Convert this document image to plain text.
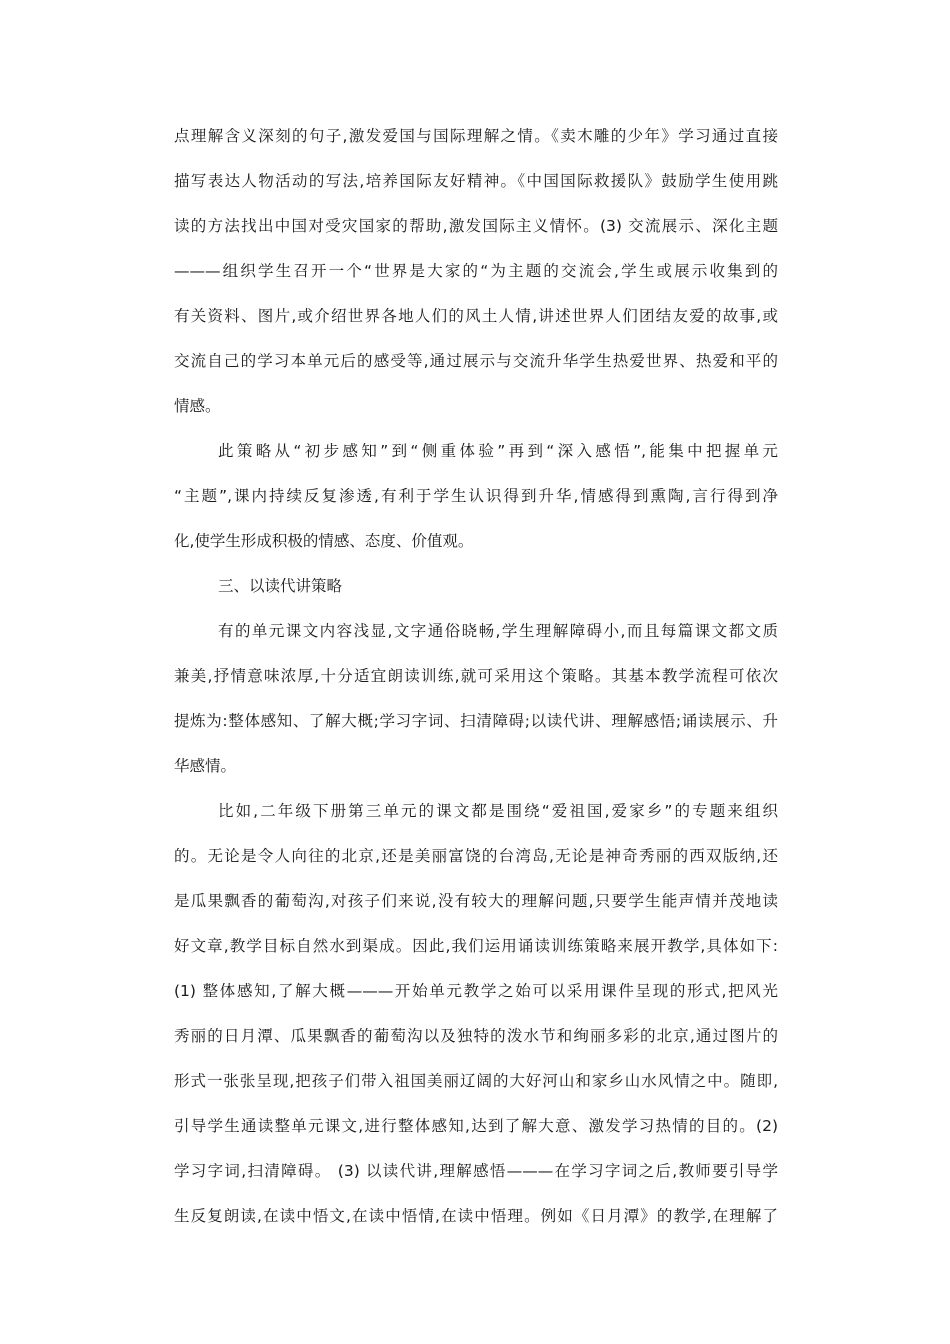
点理解含义深刻的句子,激发爱国与国际理解之情。《卖木雕的少年》学习通过直接
描写表达人物活动的写法,培养国际友好精神。《中国国际救援队》鼓励学生使用跳
读的方法找出中国对受灾国家的帮助,激发国际主义情怀。(3) 交流展示、深化主题
———组织学生召开一个“世界是大家的“为主题的交流会,学生或展示收集到的
有关资料、图片,或介绍世界各地人们的风土人情,讲述世界人们团结友爱的故事,或
交流自己的学习本单元后的感受等,通过展示与交流升华学生热爱世界、热爱和平的
情感。
此策略从“初步感知”到“侧重体验”再到“深入感悟”,能集中把握单元
“主题”,课内持续反复渗透,有利于学生认识得到升华,情感得到熏陶,言行得到净
化,使学生形成积极的情感、态度、价值观。
三、以读代讲策略
有的单元课文内容浅显,文字通俗晓畅,学生理解障碍小,而且每篇课文都文质
兼美,抒情意味浓厚,十分适宜朗读训练,就可采用这个策略。其基本教学流程可依次
提炼为:整体感知、了解大概;学习字词、扫清障碍;以读代讲、理解感悟;诵读展示、升
华感情。
比如,二年级下册第三单元的课文都是围绕“爱祖国,爱家乡”的专题来组织
的。无论是令人向往的北京,还是美丽富饶的台湾岛,无论是神奇秀丽的西双版纳,还
是瓜果飘香的葡萄沟,对孩子们来说,没有较大的理解问题,只要学生能声情并茂地读
好文章,教学目标自然水到渠成。因此,我们运用诵读训练策略来展开教学,具体如下:
(1) 整体感知,了解大概———开始单元教学之始可以采用课件呈现的形式,把风光
秀丽的日月潭、瓜果飘香的葡萄沟以及独特的泼水节和绚丽多彩的北京,通过图片的
形式一张张呈现,把孩子们带入祖国美丽辽阔的大好河山和家乡山水风情之中。随即,
引导学生通读整单元课文,进行整体感知,达到了解大意、激发学习热情的目的。(2)
学习字词,扫清障碍。 (3) 以读代讲,理解感悟———在学习字词之后,教师要引导学
生反复朗读,在读中悟文,在读中悟情,在读中悟理。例如《日月潭》的教学,在理解了
